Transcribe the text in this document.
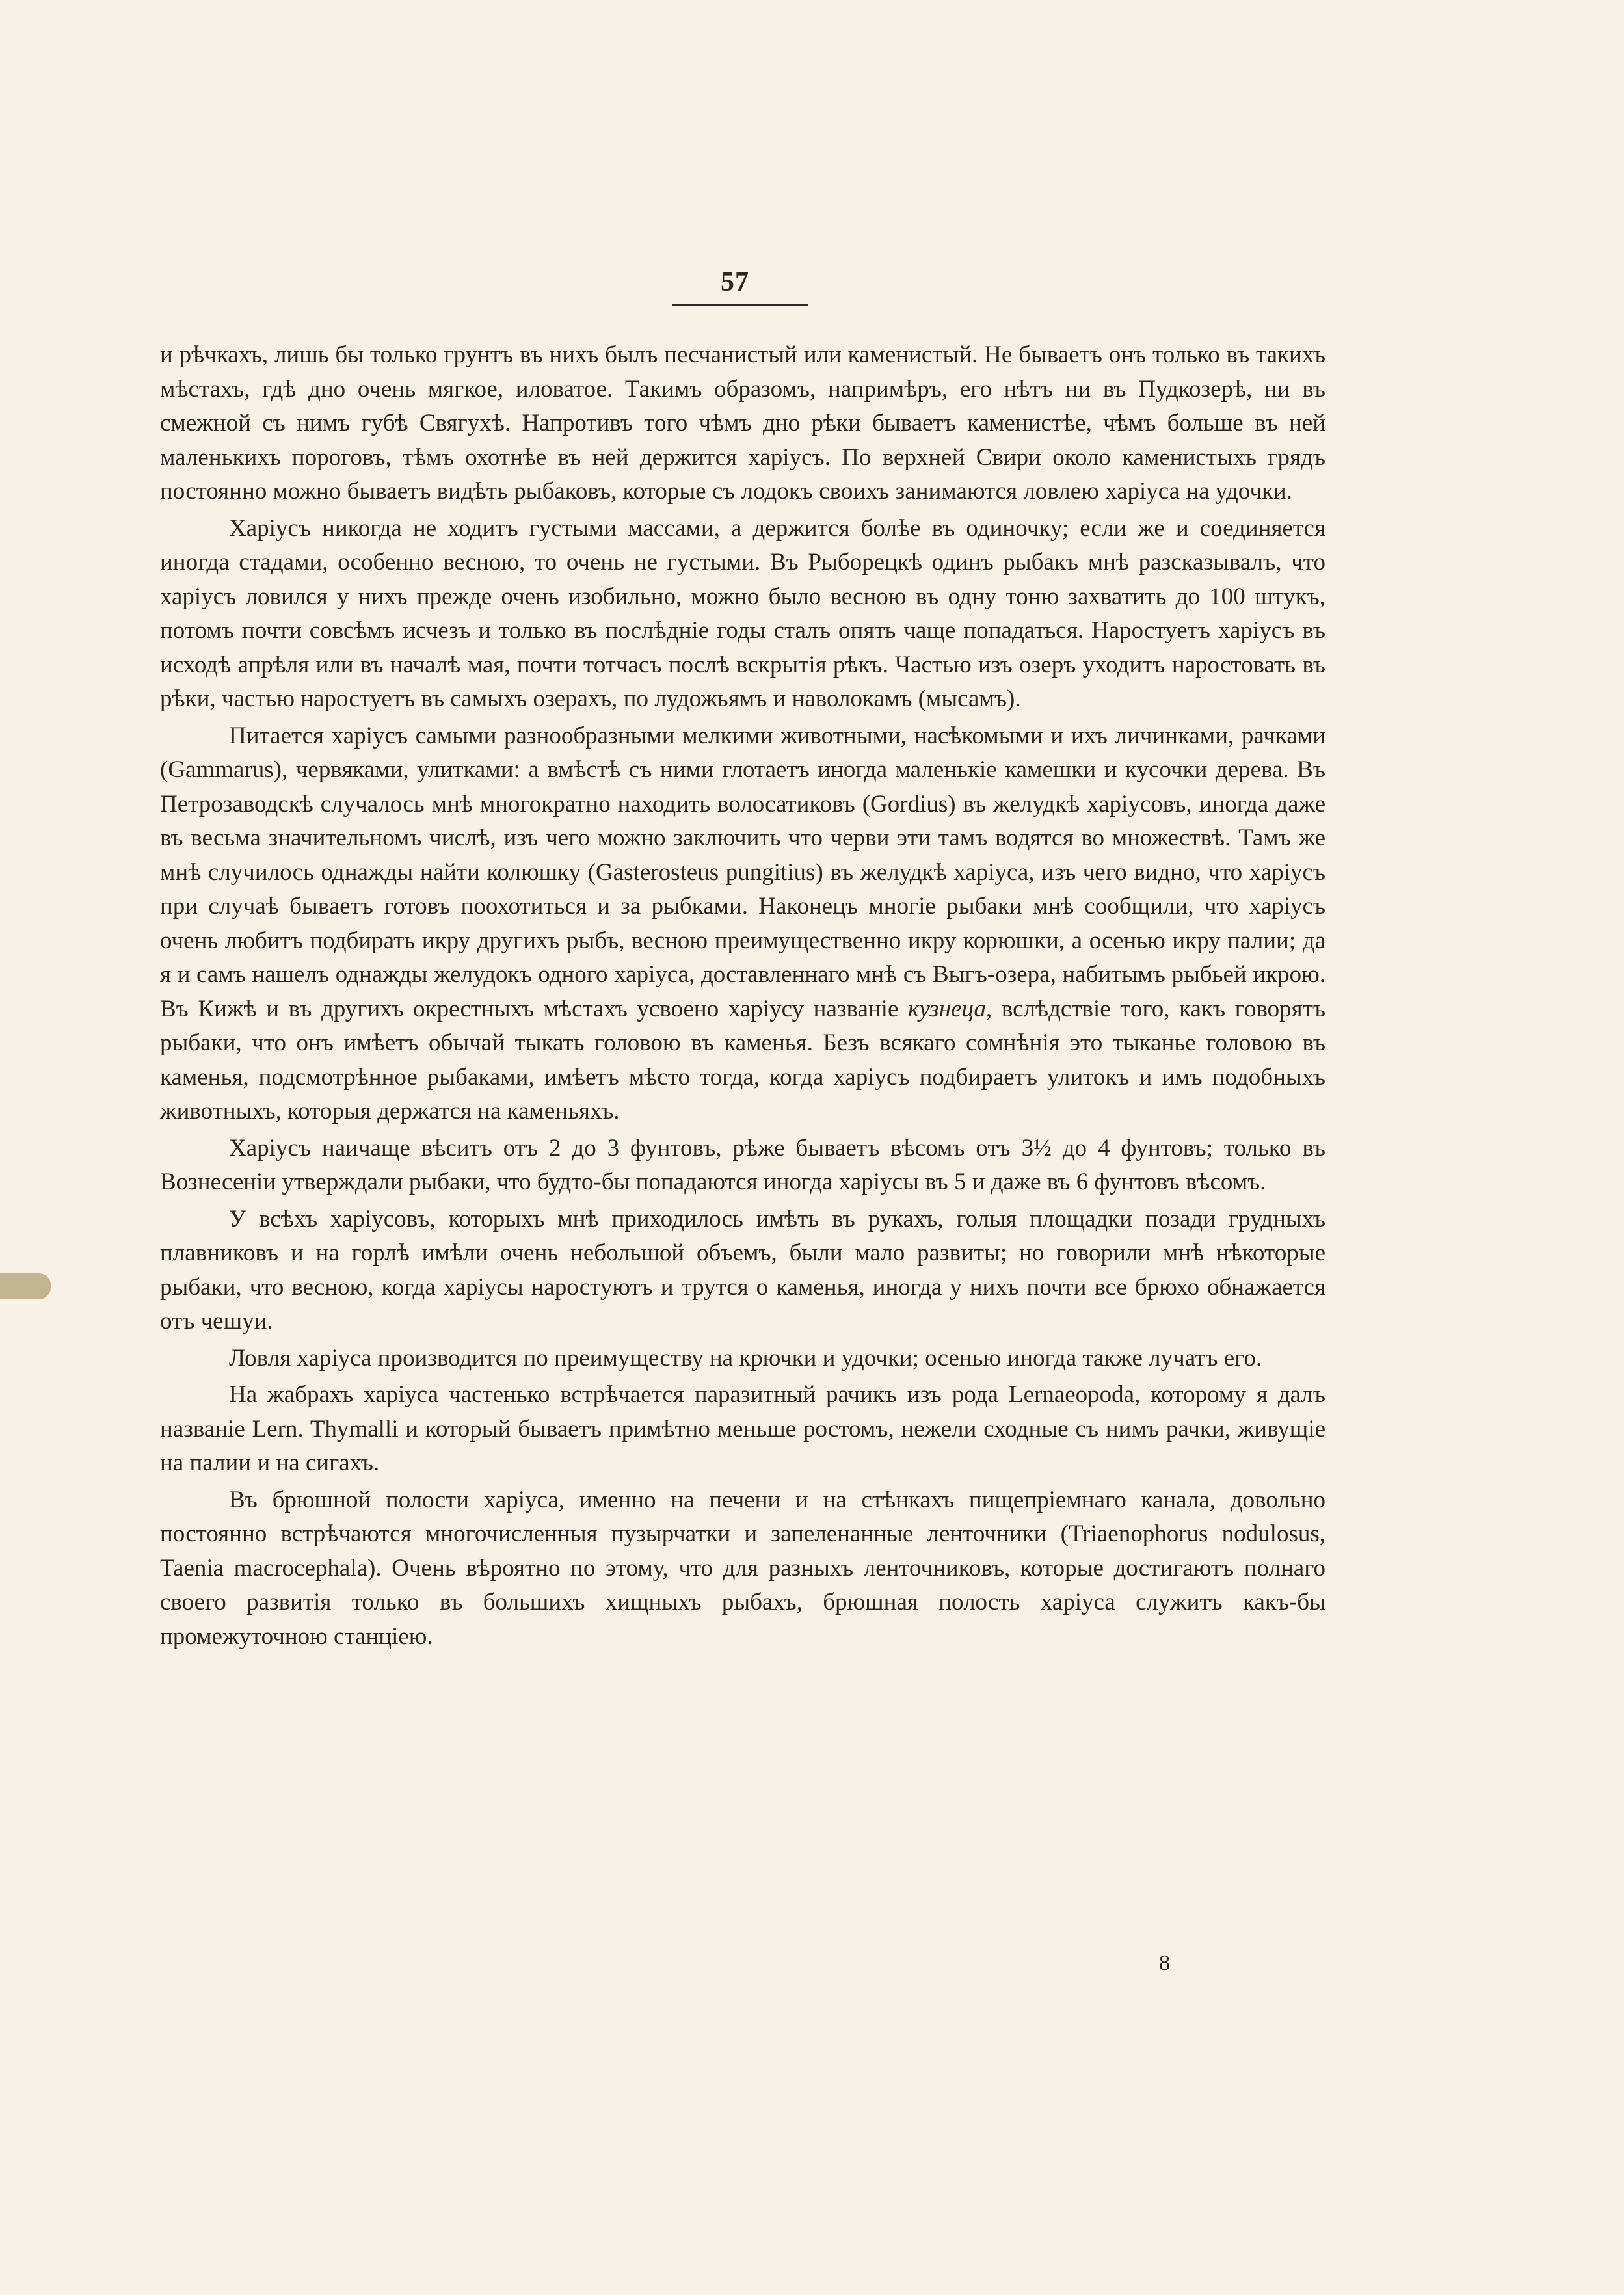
57

и рѣчкахъ, лишь бы только грунтъ въ нихъ былъ песчанистый или каменистый. Не бываетъ онъ только въ такихъ мѣстахъ, гдѣ дно очень мягкое, иловатое. Такимъ образомъ, напримѣръ, его нѣтъ ни въ Пудкозерѣ, ни въ смежной съ нимъ губѣ Свягухѣ. Напротивъ того чѣмъ дно рѣки бываетъ каменистѣе, чѣмъ больше въ ней маленькихъ пороговъ, тѣмъ охотнѣе въ ней держится харіусъ. По верхней Свири около каменистыхъ грядъ постоянно можно бываетъ видѣть рыбаковъ, которые съ лодокъ своихъ занимаются ловлею харіуса на удочки.

Харіусъ никогда не ходитъ густыми массами, а держится болѣе въ одиночку; если же и соединяется иногда стадами, особенно весною, то очень не густыми. Въ Рыборецкѣ одинъ рыбакъ мнѣ разсказывалъ, что харіусъ ловился у нихъ прежде очень изобильно, можно было весною въ одну тоню захватить до 100 штукъ, потомъ почти совсѣмъ исчезъ и только въ послѣдніе годы сталъ опять чаще попадаться. Наростуетъ харіусъ въ исходѣ апрѣля или въ началѣ мая, почти тотчасъ послѣ вскрытія рѣкъ. Частью изъ озеръ уходитъ наростовать въ рѣки, частью наростуетъ въ самыхъ озерахъ, по лудожьямъ и наволокамъ (мысамъ).

Питается харіусъ самыми разнообразными мелкими животными, насѣкомыми и ихъ личинками, рачками (Gammarus), червяками, улитками: а вмѣстѣ съ ними глотаетъ иногда маленькіе камешки и кусочки дерева. Въ Петрозаводскѣ случалось мнѣ многократно находить волосатиковъ (Gordius) въ желудкѣ харіусовъ, иногда даже въ весьма значительномъ числѣ, изъ чего можно заключить что черви эти тамъ водятся во множествѣ. Тамъ же мнѣ случилось однажды найти колюшку (Gasterosteus pungitius) въ желудкѣ харіуса, изъ чего видно, что харіусъ при случаѣ бываетъ готовъ поохотиться и за рыбками. Наконецъ многіе рыбаки мнѣ сообщили, что харіусъ очень любитъ подбирать икру другихъ рыбъ, весною преимущественно икру корюшки, а осенью икру палии; да я и самъ нашелъ однажды желудокъ одного харіуса, доставленнаго мнѣ съ Выгъ-озера, набитымъ рыбьей икрою. Въ Кижѣ и въ другихъ окрестныхъ мѣстахъ усвоено харіусу названіе кузнеца, вслѣдствіе того, какъ говорятъ рыбаки, что онъ имѣетъ обычай тыкать головою въ каменья. Безъ всякаго сомнѣнія это тыканье головою въ каменья, подсмотрѣнное рыбаками, имѣетъ мѣсто тогда, когда харіусъ подбираетъ улитокъ и имъ подобныхъ животныхъ, которыя держатся на каменьяхъ.

Харіусъ наичаще вѣситъ отъ 2 до 3 фунтовъ, рѣже бываетъ вѣсомъ отъ 3½ до 4 фунтовъ; только въ Вознесеніи утверждали рыбаки, что будто-бы попадаются иногда харіусы въ 5 и даже въ 6 фунтовъ вѣсомъ.

У всѣхъ харіусовъ, которыхъ мнѣ приходилось имѣть въ рукахъ, голыя площадки позади грудныхъ плавниковъ и на горлѣ имѣли очень небольшой объемъ, были мало развиты; но говорили мнѣ нѣкоторые рыбаки, что весною, когда харіусы наростуютъ и трутся о каменья, иногда у нихъ почти все брюхо обнажается отъ чешуи.

Ловля харіуса производится по преимуществу на крючки и удочки; осенью иногда также лучатъ его.

На жабрахъ харіуса частенько встрѣчается паразитный рачикъ изъ рода Lernaeopoda, которому я далъ названіе Lern. Thymalli и который бываетъ примѣтно меньше ростомъ, нежели сходные съ нимъ рачки, живущіе на палии и на сигахъ.

Въ брюшной полости харіуса, именно на печени и на стѣнкахъ пищепріемнаго канала, довольно постоянно встрѣчаются многочисленныя пузырчатки и запеленанные ленточники (Triaenophorus nodulosus, Taenia macrocephala). Очень вѣроятно по этому, что для разныхъ ленточниковъ, которые достигаютъ полнаго своего развитія только въ большихъ хищныхъ рыбахъ, брюшная полость харіуса служитъ какъ-бы промежуточною станціею.

8
